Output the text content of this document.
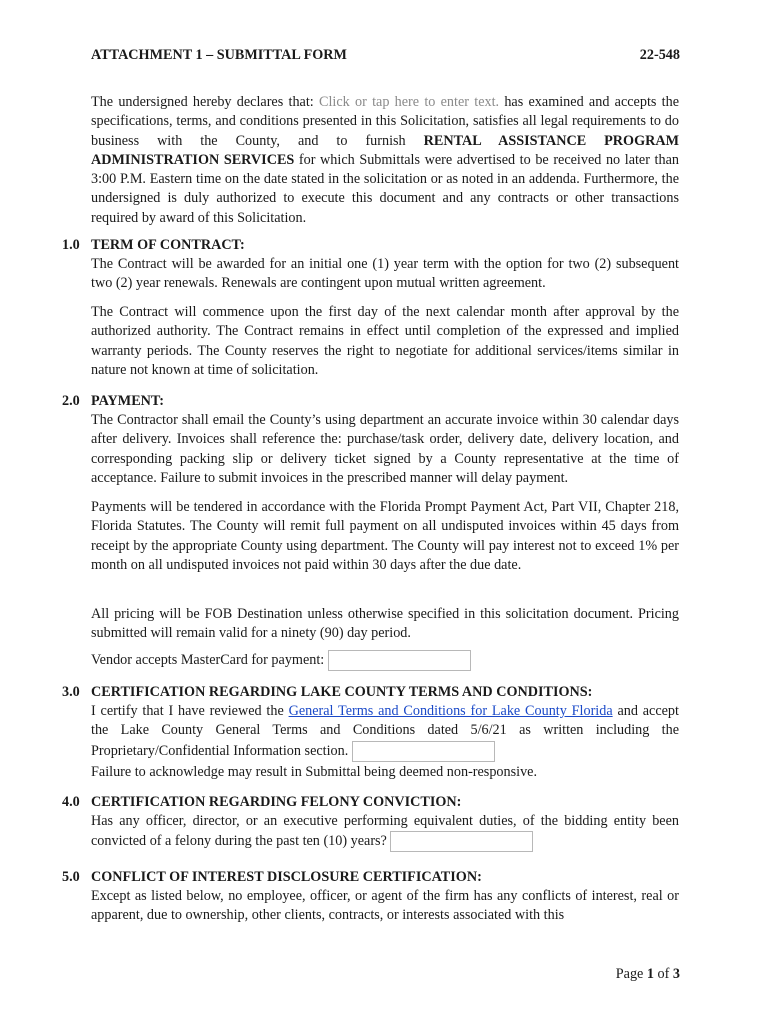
ATTACHMENT 1 – SUBMITTAL FORM	22-548
The undersigned hereby declares that: Click or tap here to enter text. has examined and accepts the specifications, terms, and conditions presented in this Solicitation, satisfies all legal requirements to do business with the County, and to furnish RENTAL ASSISTANCE PROGRAM ADMINISTRATION SERVICES for which Submittals were advertised to be received no later than 3:00 P.M. Eastern time on the date stated in the solicitation or as noted in an addenda. Furthermore, the undersigned is duly authorized to execute this document and any contracts or other transactions required by award of this Solicitation.
1.0 TERM OF CONTRACT:
The Contract will be awarded for an initial one (1) year term with the option for two (2) subsequent two (2) year renewals. Renewals are contingent upon mutual written agreement.
The Contract will commence upon the first day of the next calendar month after approval by the authorized authority. The Contract remains in effect until completion of the expressed and implied warranty periods. The County reserves the right to negotiate for additional services/items similar in nature not known at time of solicitation.
2.0 PAYMENT:
The Contractor shall email the County’s using department an accurate invoice within 30 calendar days after delivery. Invoices shall reference the: purchase/task order, delivery date, delivery location, and corresponding packing slip or delivery ticket signed by a County representative at the time of acceptance. Failure to submit invoices in the prescribed manner will delay payment.
Payments will be tendered in accordance with the Florida Prompt Payment Act, Part VII, Chapter 218, Florida Statutes. The County will remit full payment on all undisputed invoices within 45 days from receipt by the appropriate County using department. The County will pay interest not to exceed 1% per month on all undisputed invoices not paid within 30 days after the due date.
All pricing will be FOB Destination unless otherwise specified in this solicitation document. Pricing submitted will remain valid for a ninety (90) day period.
Vendor accepts MasterCard for payment:
3.0 CERTIFICATION REGARDING LAKE COUNTY TERMS AND CONDITIONS:
I certify that I have reviewed the General Terms and Conditions for Lake County Florida and accept the Lake County General Terms and Conditions dated 5/6/21 as written including the Proprietary/Confidential Information section.
Failure to acknowledge may result in Submittal being deemed non-responsive.
4.0 CERTIFICATION REGARDING FELONY CONVICTION:
Has any officer, director, or an executive performing equivalent duties, of the bidding entity been convicted of a felony during the past ten (10) years?
5.0 CONFLICT OF INTEREST DISCLOSURE CERTIFICATION:
Except as listed below, no employee, officer, or agent of the firm has any conflicts of interest, real or apparent, due to ownership, other clients, contracts, or interests associated with this
Page 1 of 3
